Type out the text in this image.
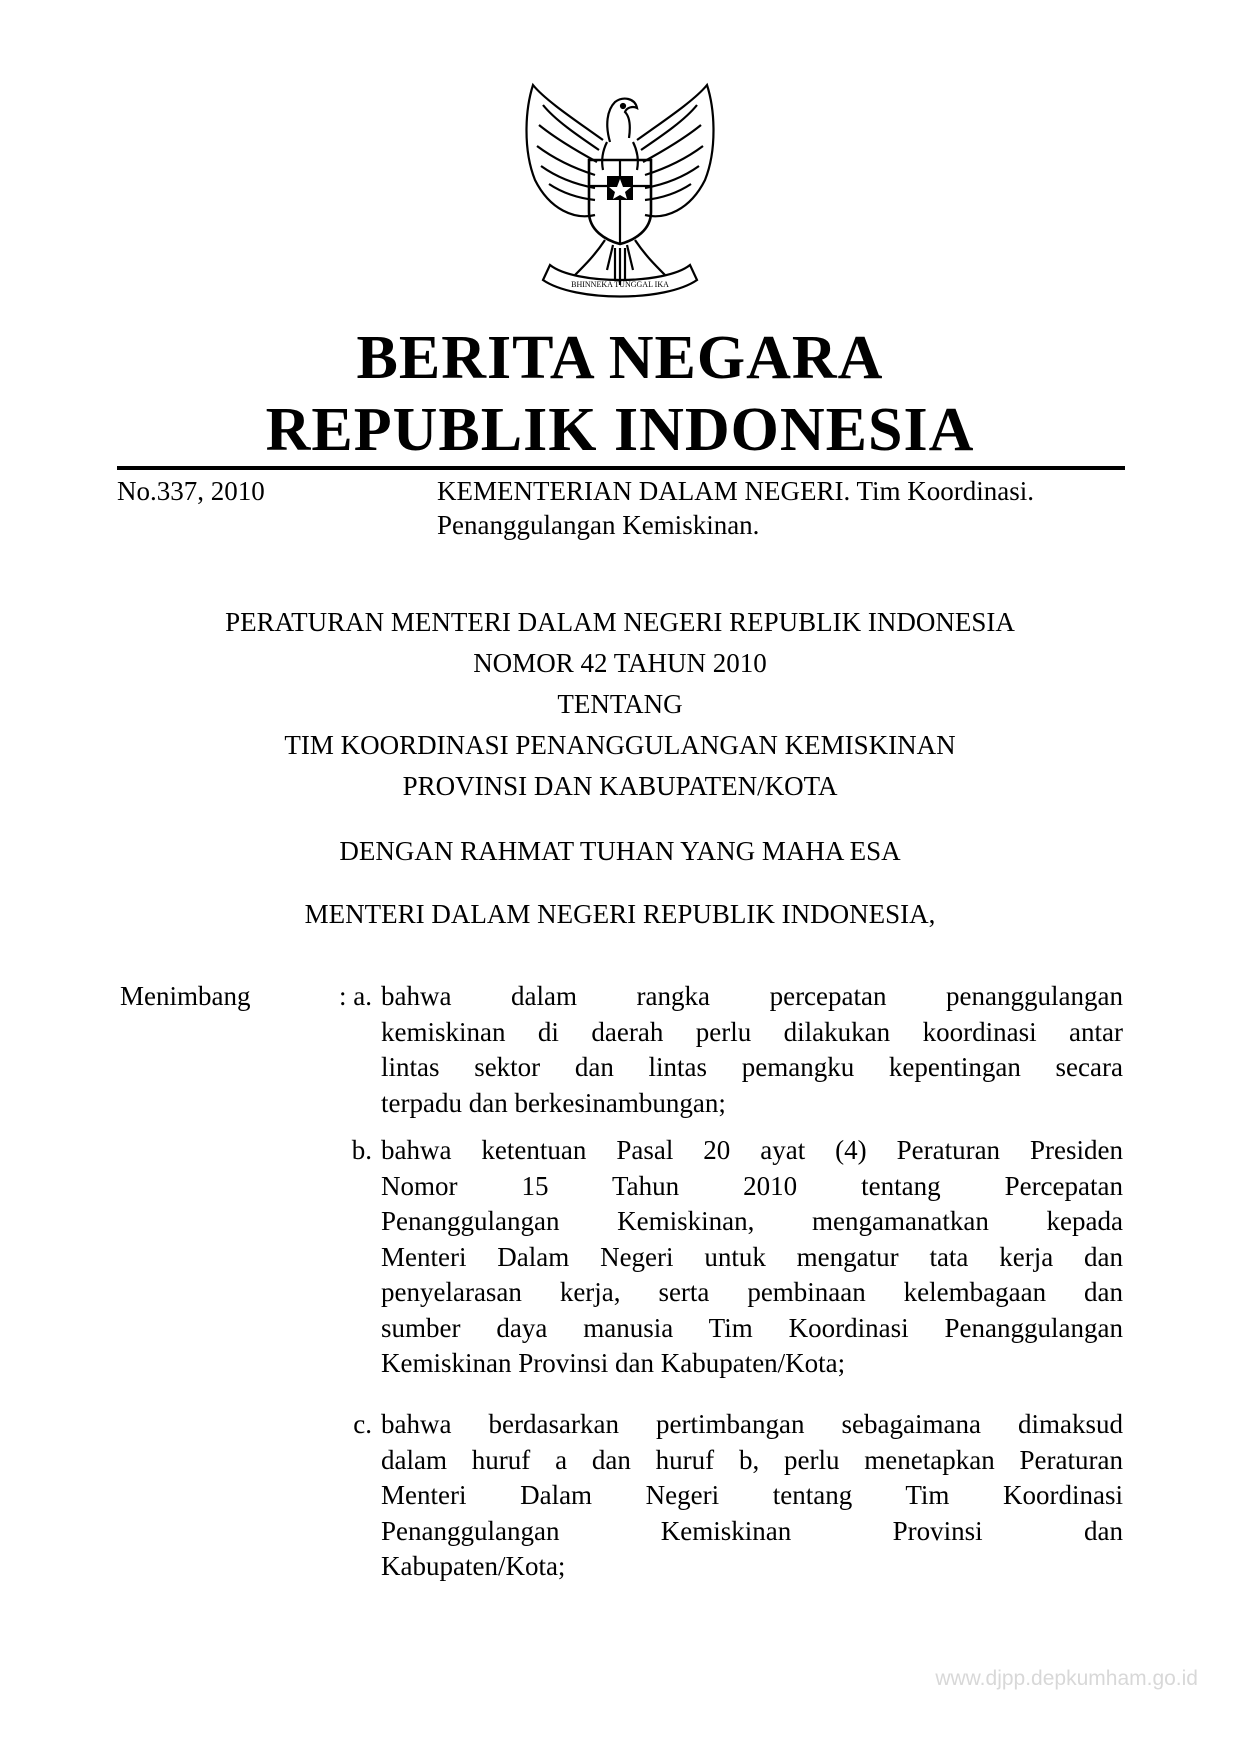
BHINNEKA TUNGGAL IKA
BERITA NEGARA
REPUBLIK INDONESIA
No.337, 2010	KEMENTERIAN DALAM NEGERI. Tim Koordinasi.
Penanggulangan Kemiskinan.
PERATURAN MENTERI DALAM NEGERI REPUBLIK INDONESIA
NOMOR 42 TAHUN 2010
TENTANG
TIM KOORDINASI PENANGGULANGAN KEMISKINAN
PROVINSI DAN KABUPATEN/KOTA
DENGAN RAHMAT TUHAN YANG MAHA ESA
MENTERI DALAM NEGERI REPUBLIK INDONESIA,
Menimbang	: a. bahwa dalam rangka percepatan penanggulangan
kemiskinan di daerah perlu dilakukan koordinasi antar
lintas sektor dan lintas pemangku kepentingan secara
terpadu dan berkesinambungan;
b. bahwa ketentuan Pasal 20 ayat (4) Peraturan Presiden
Nomor 15 Tahun 2010 tentang Percepatan
Penanggulangan Kemiskinan, mengamanatkan kepada
Menteri Dalam Negeri untuk mengatur tata kerja dan
penyelarasan kerja, serta pembinaan kelembagaan dan
sumber daya manusia Tim Koordinasi Penanggulangan
Kemiskinan Provinsi dan Kabupaten/Kota;
c. bahwa berdasarkan pertimbangan sebagaimana dimaksud
dalam huruf a dan huruf b, perlu menetapkan Peraturan
Menteri Dalam Negeri tentang Tim Koordinasi
Penanggulangan Kemiskinan Provinsi dan
Kabupaten/Kota;
www.djpp.depkumham.go.id
